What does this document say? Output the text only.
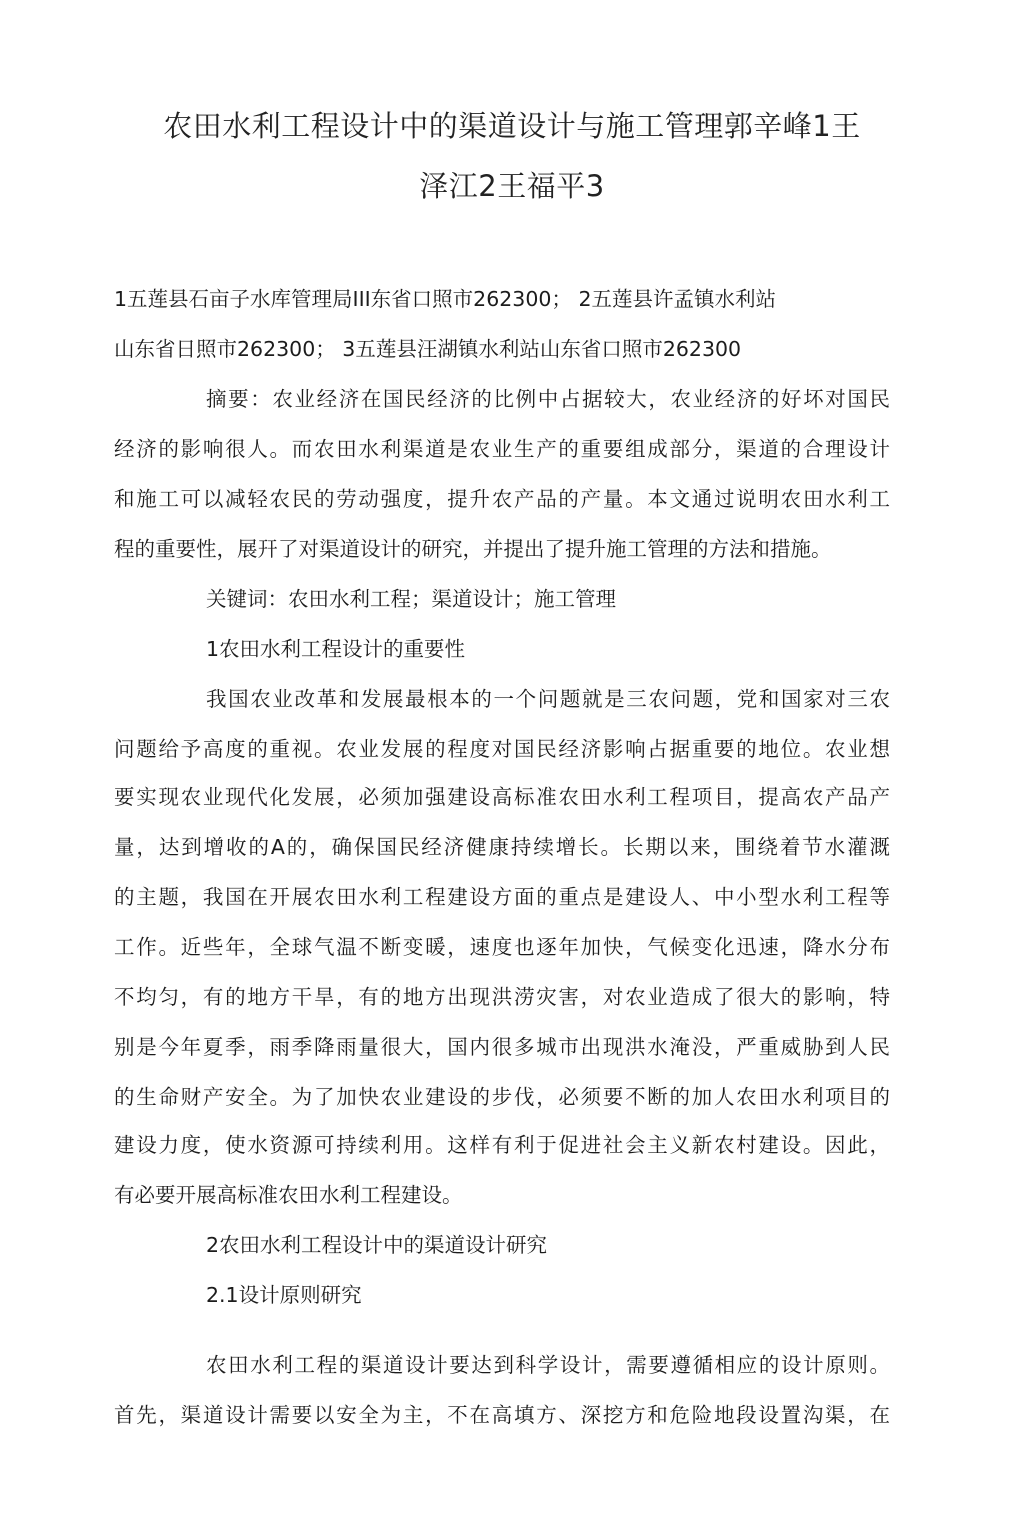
农田水利工程设计中的渠道设计与施工管理郭辛峰1王
泽江2王福平3
1五莲县石亩子水库管理局III东省口照市262300； 2五莲县许孟镇水利站
山东省日照市262300； 3五莲县汪湖镇水利站山东省口照市262300
摘要：农业经济在国民经济的比例中占据较大，农业经济的好坏对国民
经济的影响很人。而农田水利渠道是农业生产的重要组成部分，渠道的合理设计
和施工可以减轻农民的劳动强度，提升农产品的产量。本文通过说明农田水利工
程的重要性，展幵了对渠道设计的研究，并提出了提升施工管理的方法和措施。
关键词：农田水利工程；渠道设计；施工管理
1农田水利工程设计的重要性
我国农业改革和发展最根本的一个问题就是三农问题，党和国家对三农
问题给予高度的重视。农业发展的程度对国民经济影响占据重要的地位。农业想
要实现农业现代化发展，必须加强建设高标准农田水利工程项目，提高农产品产
量，达到增收的A的，确保国民经济健康持续增长。长期以来，围绕着节水灌溉
的主题，我国在开展农田水利工程建设方面的重点是建设人、中小型水利工程等
工作。近些年，全球气温不断变暖，速度也逐年加快，气候变化迅速，降水分布
不均匀，有的地方干旱，有的地方出现洪涝灾害，对农业造成了很大的影响，特
别是今年夏季，雨季降雨量很大，国内很多城市出现洪水淹没，严重威胁到人民
的生命财产安全。为了加快农业建设的步伐，必须要不断的加人农田水利项目的
建设力度，使水资源可持续利用。这样有利于促进社会主义新农村建设。因此，
有必要开展高标准农田水利工程建设。
2农田水利工程设计中的渠道设计研究
2.1设计原则研究
农田水利工程的渠道设计要达到科学设计，需要遵循相应的设计原则。
首先，渠道设计需要以安全为主，不在高填方、深挖方和危险地段设置沟渠，在
